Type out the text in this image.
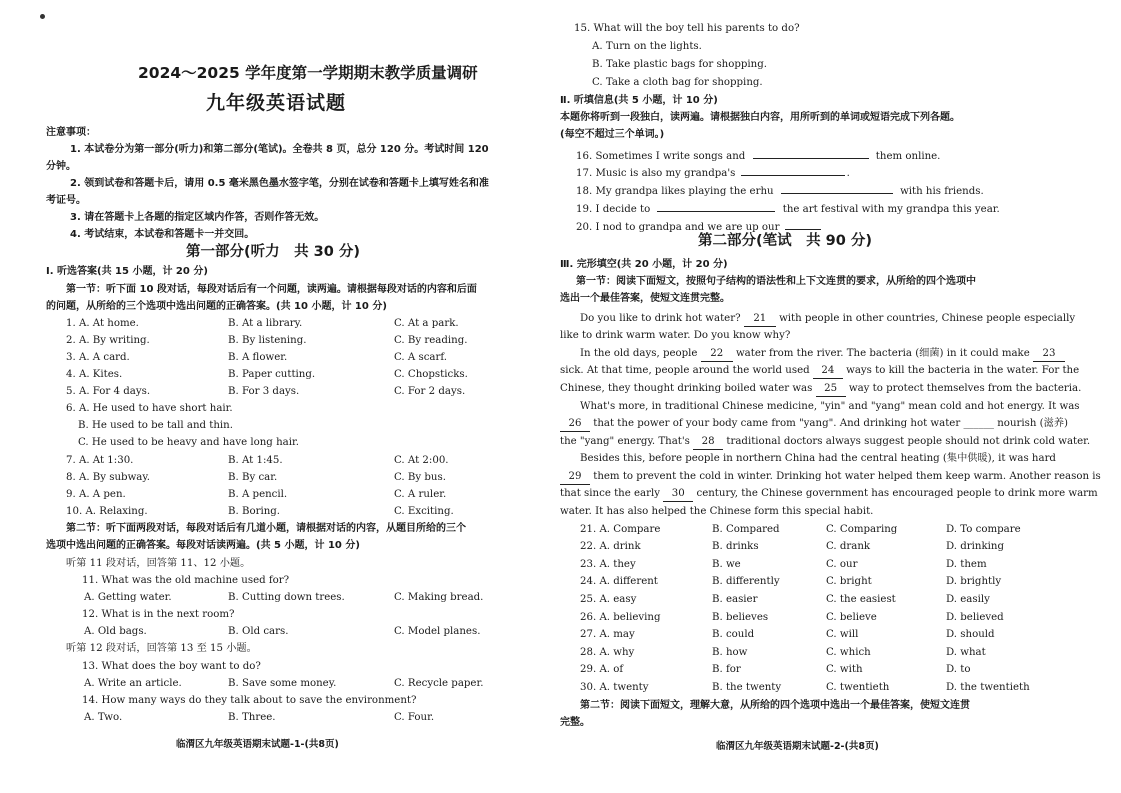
2024～2025 学年度第一学期期末教学质量调研
九年级英语试题
注意事项：
1. 本试卷分为第一部分(听力)和第二部分(笔试)。全卷共 8 页，总分 120 分。考试时间 120
分钟。
2. 领到试卷和答题卡后，请用 0.5 毫米黑色墨水签字笔，分别在试卷和答题卡上填写姓名和准
考证号。
3. 请在答题卡上各题的指定区域内作答，否则作答无效。
4. 考试结束，本试卷和答题卡一并交回。
第一部分(听力　共 30 分)
Ⅰ. 听选答案(共 15 小题，计 20 分)
第一节：听下面 10 段对话，每段对话后有一个问题，读两遍。请根据每段对话的内容和后面
的问题，从所给的三个选项中选出问题的正确答案。(共 10 小题，计 10 分)
1. A. At home.	B. At a library.	C. At a park.
2. A. By writing.	B. By listening.	C. By reading.
3. A. A card.	B. A flower.	C. A scarf.
4. A. Kites.	B. Paper cutting.	C. Chopsticks.
5. A. For 4 days.	B. For 3 days.	C. For 2 days.
6. A. He used to have short hair.
B. He used to be tall and thin.
C. He used to be heavy and have long hair.
7. A. At 1:30.	B. At 1:45.	C. At 2:00.
8. A. By subway.	B. By car.	C. By bus.
9. A. A pen.	B. A pencil.	C. A ruler.
10. A. Relaxing.	B. Boring.	C. Exciting.
第二节：听下面两段对话，每段对话后有几道小题，请根据对话的内容，从题目所给的三个
选项中选出问题的正确答案。每段对话读两遍。(共 5 小题，计 10 分)
听第 11 段对话，回答第 11、12 小题。
11. What was the old machine used for?
A. Getting water.	B. Cutting down trees.	C. Making bread.
12. What is in the next room?
A. Old bags.	B. Old cars.	C. Model planes.
听第 12 段对话，回答第 13 至 15 小题。
13. What does the boy want to do?
A. Write an article.	B. Save some money.	C. Recycle paper.
14. How many ways do they talk about to save the environment?
A. Two.	B. Three.	C. Four.
临渭区九年级英语期末试题-1-(共8页)
15. What will the boy tell his parents to do?
A. Turn on the lights.
B. Take plastic bags for shopping.
C. Take a cloth bag for shopping.
Ⅱ. 听填信息(共 5 小题，计 10 分)
本题你将听到一段独白，读两遍。请根据独白内容，用所听到的单词或短语完成下列各题。
(每空不超过三个单词。)
16. Sometimes I write songs and	them online.
17. Music is also my grandpa's	.
18. My grandpa likes playing the erhu	with his friends.
19. I decide to	the art festival with my grandpa this year.
20. I nod to grandpa and we are up our
第二部分(笔试　共 90 分)
Ⅲ. 完形填空(共 20 小题，计 20 分)
第一节：阅读下面短文，按照句子结构的语法性和上下文连贯的要求，从所给的四个选项中
选出一个最佳答案，使短文连贯完整。
Do you like to drink hot water? 21 with people in other countries, Chinese people especially
like to drink warm water. Do you know why?
In the old days, people 22 water from the river. The bacteria (细菌) in it could make 23
sick. At that time, people around the world used 24 ways to kill the bacteria in the water. For the
Chinese, they thought drinking boiled water was 25 way to protect themselves from the bacteria.
What's more, in traditional Chinese medicine, "yin" and "yang" mean cold and hot energy. It was
26 that the power of your body came from "yang". And drinking hot water ______ nourish (滋养)
the "yang" energy. That's 28 traditional doctors always suggest people should not drink cold water.
Besides this, before people in northern China had the central heating (集中供暖), it was hard
29 them to prevent the cold in winter. Drinking hot water helped them keep warm. Another reason is
that since the early 30 century, the Chinese government has encouraged people to drink more warm
water. It has also helped the Chinese form this special habit.
21. A. Compare	B. Compared	C. Comparing	D. To compare
22. A. drink	B. drinks	C. drank	D. drinking
23. A. they	B. we	C. our	D. them
24. A. different	B. differently	C. bright	D. brightly
25. A. easy	B. easier	C. the easiest	D. easily
26. A. believing	B. believes	C. believe	D. believed
27. A. may	B. could	C. will	D. should
28. A. why	B. how	C. which	D. what
29. A. of	B. for	C. with	D. to
30. A. twenty	B. the twenty	C. twentieth	D. the twentieth
第二节：阅读下面短文，理解大意，从所给的四个选项中选出一个最佳答案，使短文连贯
完整。
临渭区九年级英语期末试题-2-(共8页)
